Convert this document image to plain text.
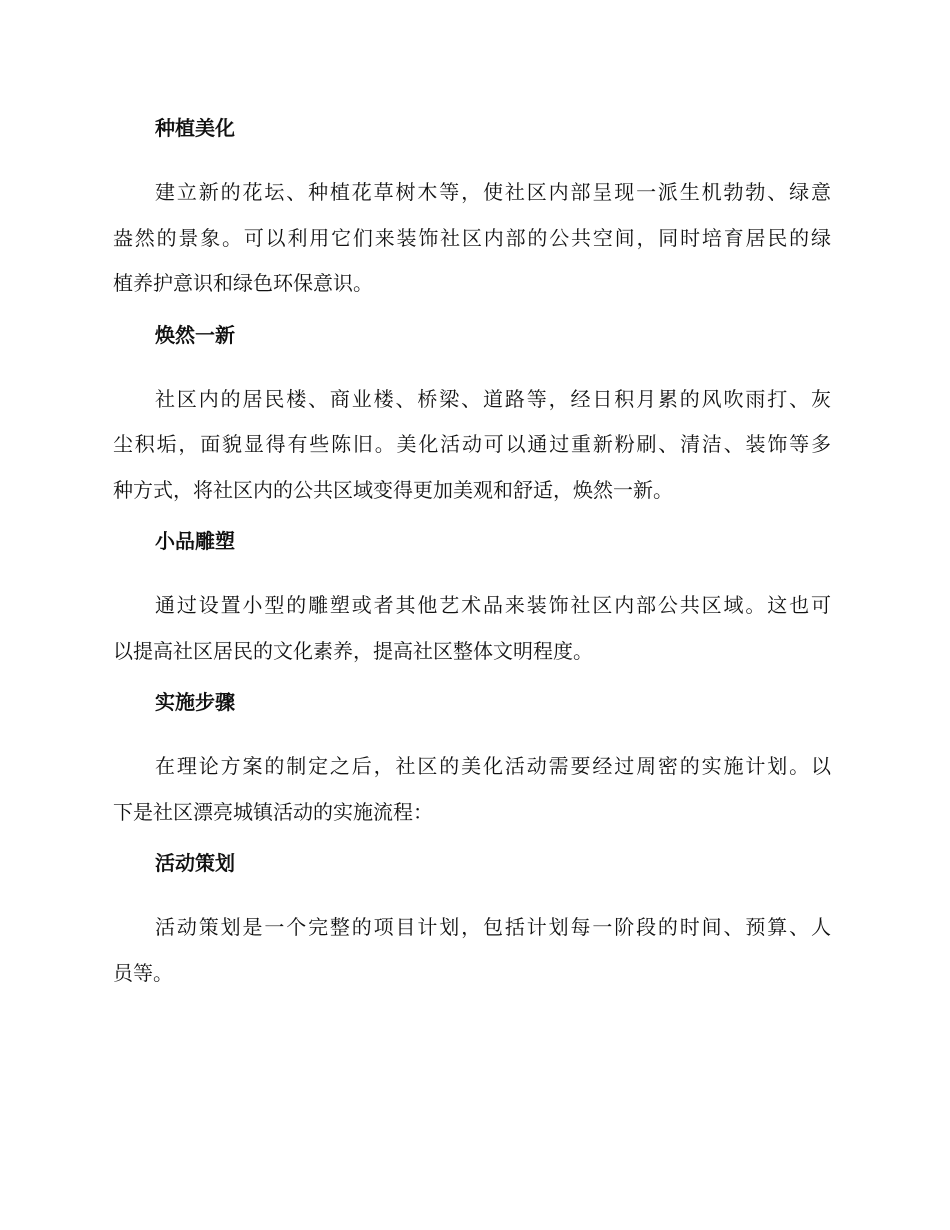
种植美化
建立新的花坛、种植花草树木等，使社区内部呈现一派生机勃勃、绿意
盎然的景象。可以利用它们来装饰社区内部的公共空间，同时培育居民的绿
植养护意识和绿色环保意识。
焕然一新
社区内的居民楼、商业楼、桥梁、道路等，经日积月累的风吹雨打、灰
尘积垢，面貌显得有些陈旧。美化活动可以通过重新粉刷、清洁、装饰等多
种方式，将社区内的公共区域变得更加美观和舒适，焕然一新。
小品雕塑
通过设置小型的雕塑或者其他艺术品来装饰社区内部公共区域。这也可
以提高社区居民的文化素养，提高社区整体文明程度。
实施步骤
在理论方案的制定之后，社区的美化活动需要经过周密的实施计划。以
下是社区漂亮城镇活动的实施流程：
活动策划
活动策划是一个完整的项目计划，包括计划每一阶段的时间、预算、人
员等。
